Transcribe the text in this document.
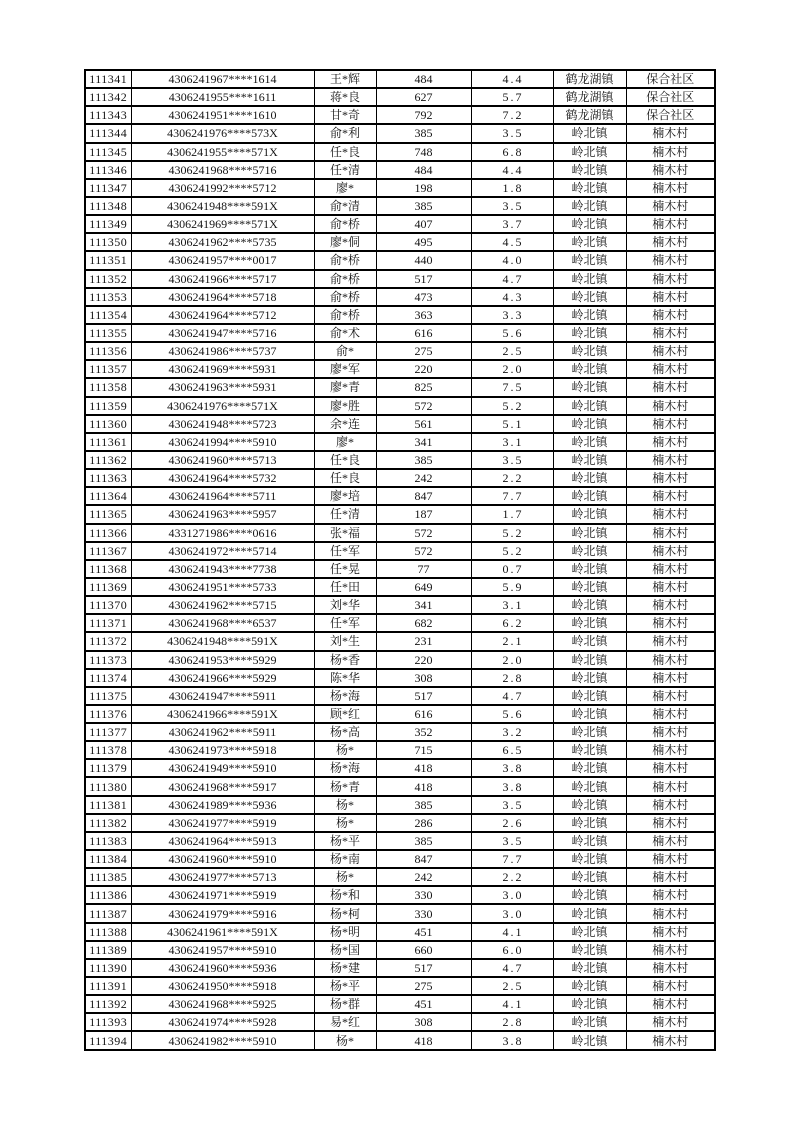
111341	4306241967****1614	王*辉	484	4.4	鹤龙湖镇	保合社区
111342	4306241955****1611	蒋*良	627	5.7	鹤龙湖镇	保合社区
111343	4306241951****1610	甘*奇	792	7.2	鹤龙湖镇	保合社区
111344	4306241976****573X	俞*利	385	3.5	岭北镇	楠木村
111345	4306241955****571X	任*良	748	6.8	岭北镇	楠木村
111346	4306241968****5716	任*清	484	4.4	岭北镇	楠木村
111347	4306241992****5712	廖*	198	1.8	岭北镇	楠木村
111348	4306241948****591X	俞*清	385	3.5	岭北镇	楠木村
111349	4306241969****571X	俞*桥	407	3.7	岭北镇	楠木村
111350	4306241962****5735	廖*侗	495	4.5	岭北镇	楠木村
111351	4306241957****0017	俞*桥	440	4.0	岭北镇	楠木村
111352	4306241966****5717	俞*桥	517	4.7	岭北镇	楠木村
111353	4306241964****5718	俞*桥	473	4.3	岭北镇	楠木村
111354	4306241964****5712	俞*桥	363	3.3	岭北镇	楠木村
111355	4306241947****5716	俞*术	616	5.6	岭北镇	楠木村
111356	4306241986****5737	俞*	275	2.5	岭北镇	楠木村
111357	4306241969****5931	廖*军	220	2.0	岭北镇	楠木村
111358	4306241963****5931	廖*青	825	7.5	岭北镇	楠木村
111359	4306241976****571X	廖*胜	572	5.2	岭北镇	楠木村
111360	4306241948****5723	余*连	561	5.1	岭北镇	楠木村
111361	4306241994****5910	廖*	341	3.1	岭北镇	楠木村
111362	4306241960****5713	任*良	385	3.5	岭北镇	楠木村
111363	4306241964****5732	任*良	242	2.2	岭北镇	楠木村
111364	4306241964****5711	廖*培	847	7.7	岭北镇	楠木村
111365	4306241963****5957	任*清	187	1.7	岭北镇	楠木村
111366	4331271986****0616	张*福	572	5.2	岭北镇	楠木村
111367	4306241972****5714	任*军	572	5.2	岭北镇	楠木村
111368	4306241943****7738	任*晃	77	0.7	岭北镇	楠木村
111369	4306241951****5733	任*田	649	5.9	岭北镇	楠木村
111370	4306241962****5715	刘*华	341	3.1	岭北镇	楠木村
111371	4306241968****6537	任*军	682	6.2	岭北镇	楠木村
111372	4306241948****591X	刘*生	231	2.1	岭北镇	楠木村
111373	4306241953****5929	杨*香	220	2.0	岭北镇	楠木村
111374	4306241966****5929	陈*华	308	2.8	岭北镇	楠木村
111375	4306241947****5911	杨*海	517	4.7	岭北镇	楠木村
111376	4306241966****591X	顾*红	616	5.6	岭北镇	楠木村
111377	4306241962****5911	杨*高	352	3.2	岭北镇	楠木村
111378	4306241973****5918	杨*	715	6.5	岭北镇	楠木村
111379	4306241949****5910	杨*海	418	3.8	岭北镇	楠木村
111380	4306241968****5917	杨*青	418	3.8	岭北镇	楠木村
111381	4306241989****5936	杨*	385	3.5	岭北镇	楠木村
111382	4306241977****5919	杨*	286	2.6	岭北镇	楠木村
111383	4306241964****5913	杨*平	385	3.5	岭北镇	楠木村
111384	4306241960****5910	杨*南	847	7.7	岭北镇	楠木村
111385	4306241977****5713	杨*	242	2.2	岭北镇	楠木村
111386	4306241971****5919	杨*和	330	3.0	岭北镇	楠木村
111387	4306241979****5916	杨*柯	330	3.0	岭北镇	楠木村
111388	4306241961****591X	杨*明	451	4.1	岭北镇	楠木村
111389	4306241957****5910	杨*国	660	6.0	岭北镇	楠木村
111390	4306241960****5936	杨*建	517	4.7	岭北镇	楠木村
111391	4306241950****5918	杨*平	275	2.5	岭北镇	楠木村
111392	4306241968****5925	杨*群	451	4.1	岭北镇	楠木村
111393	4306241974****5928	易*红	308	2.8	岭北镇	楠木村
111394	4306241982****5910	杨*	418	3.8	岭北镇	楠木村
